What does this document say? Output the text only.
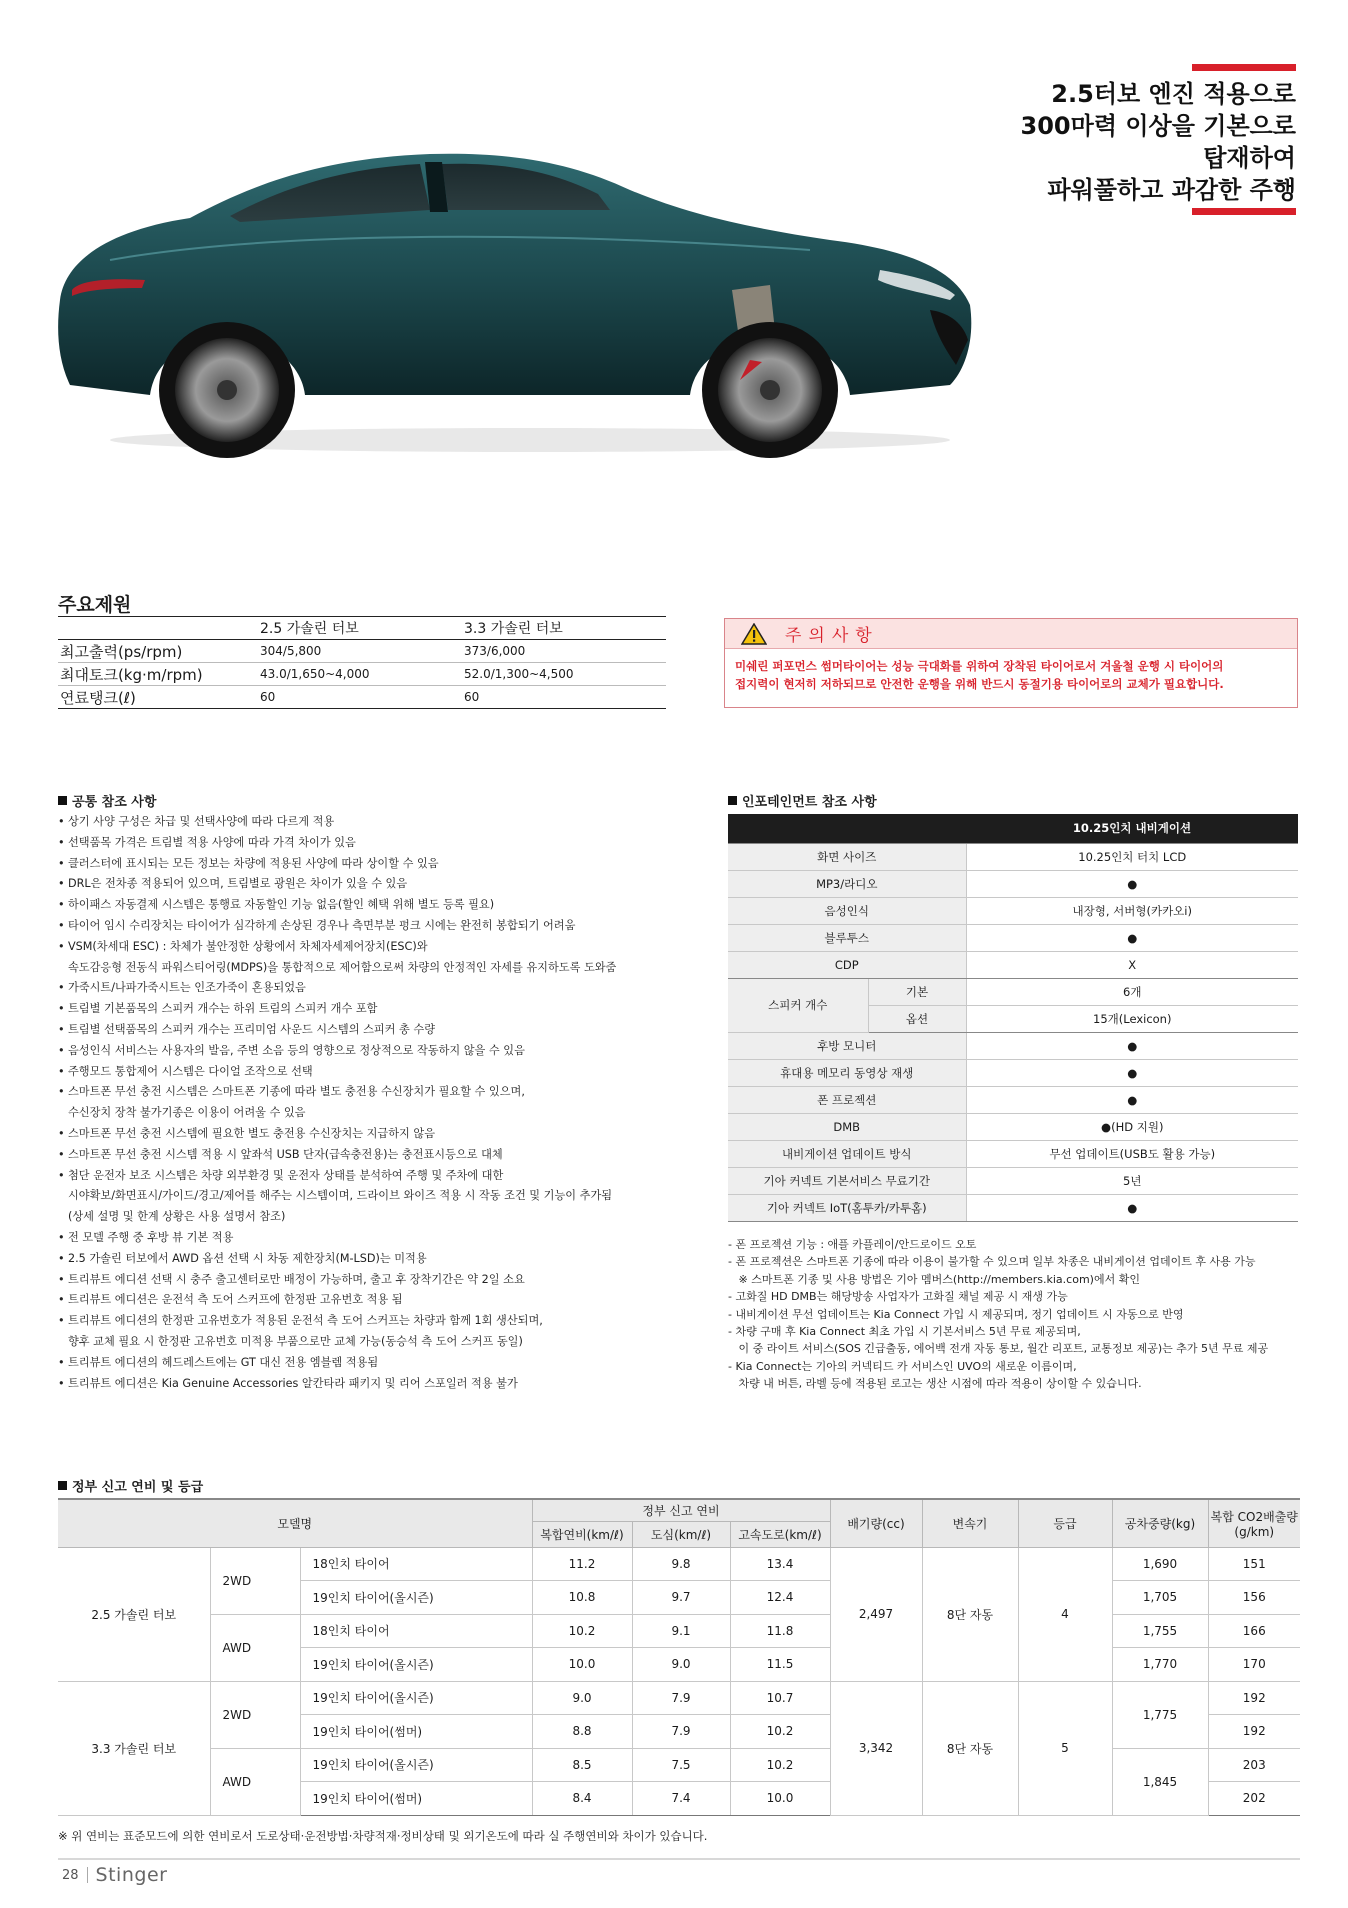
2.5터보 엔진 적용으로
300마력 이상을 기본으로
탑재하여
파워풀하고 과감한 주행
주요제원
	2.5 가솔린 터보	3.3 가솔린 터보
최고출력(ps/rpm)	304/5,800	373/6,000
최대토크(kg·m/rpm)	43.0/1,650~4,000	52.0/1,300~4,500
연료탱크(ℓ)	60	60
주의사항
미쉐린 퍼포먼스 썸머타이어는 성능 극대화를 위하여 장착된 타이어로서 겨울철 운행 시 타이어의
접지력이 현저히 저하되므로 안전한 운행을 위해 반드시 동절기용 타이어로의 교체가 필요합니다.
공통 참조 사항
• 상기 사양 구성은 차급 및 선택사양에 따라 다르게 적용
• 선택품목 가격은 트림별 적용 사양에 따라 가격 차이가 있음
• 클러스터에 표시되는 모든 정보는 차량에 적용된 사양에 따라 상이할 수 있음
• DRL은 전차종 적용되어 있으며, 트림별로 광원은 차이가 있을 수 있음
• 하이패스 자동결제 시스템은 통행료 자동할인 기능 없음(할인 혜택 위해 별도 등록 필요)
• 타이어 임시 수리장치는 타이어가 심각하게 손상된 경우나 측면부분 펑크 시에는 완전히 봉합되기 어려움
• VSM(차세대 ESC) : 차체가 불안정한 상황에서 차체자세제어장치(ESC)와
속도감응형 전동식 파워스티어링(MDPS)을 통합적으로 제어함으로써 차량의 안정적인 자세를 유지하도록 도와줌
• 가죽시트/나파가죽시트는 인조가죽이 혼용되었음
• 트림별 기본품목의 스피커 개수는 하위 트림의 스피커 개수 포함
• 트림별 선택품목의 스피커 개수는 프리미엄 사운드 시스템의 스피커 총 수량
• 음성인식 서비스는 사용자의 발음, 주변 소음 등의 영향으로 정상적으로 작동하지 않을 수 있음
• 주행모드 통합제어 시스템은 다이얼 조작으로 선택
• 스마트폰 무선 충전 시스템은 스마트폰 기종에 따라 별도 충전용 수신장치가 필요할 수 있으며,
수신장치 장착 불가기종은 이용이 어려울 수 있음
• 스마트폰 무선 충전 시스템에 필요한 별도 충전용 수신장치는 지급하지 않음
• 스마트폰 무선 충전 시스템 적용 시 앞좌석 USB 단자(급속충전용)는 충전표시등으로 대체
• 첨단 운전자 보조 시스템은 차량 외부환경 및 운전자 상태를 분석하여 주행 및 주차에 대한
시야확보/화면표시/가이드/경고/제어를 해주는 시스템이며, 드라이브 와이즈 적용 시 작동 조건 및 기능이 추가됨
(상세 설명 및 한계 상황은 사용 설명서 참조)
• 전 모델 주행 중 후방 뷰 기본 적용
• 2.5 가솔린 터보에서 AWD 옵션 선택 시 차동 제한장치(M-LSD)는 미적용
• 트리뷰트 에디션 선택 시 충주 출고센터로만 배정이 가능하며, 출고 후 장착기간은 약 2일 소요
• 트리뷰트 에디션은 운전석 측 도어 스커프에 한정판 고유번호 적용 됨
• 트리뷰트 에디션의 한정판 고유번호가 적용된 운전석 측 도어 스커프는 차량과 함께 1회 생산되며,
향후 교체 필요 시 한정판 고유번호 미적용 부품으로만 교체 가능(동승석 측 도어 스커프 동일)
• 트리뷰트 에디션의 헤드레스트에는 GT 대신 전용 엠블렘 적용됨
• 트리뷰트 에디션은 Kia Genuine Accessories 알칸타라 패키지 및 리어 스포일러 적용 불가
인포테인먼트 참조 사항
		10.25인치 내비게이션
화면 사이즈		10.25인치 터치 LCD
MP3/라디오		●
음성인식		내장형, 서버형(카카오i)
블루투스		●
CDP		X
스피커 개수	기본	6개
	옵션	15개(Lexicon)
후방 모니터		●
휴대용 메모리 동영상 재생		●
폰 프로젝션		●
DMB		●(HD 지원)
내비게이션 업데이트 방식		무선 업데이트(USB도 활용 가능)
기아 커넥트 기본서비스 무료기간		5년
기아 커넥트 IoT(홈투카/카투홈)		●
- 폰 프로젝션 기능 : 애플 카플레이/안드로이드 오토
- 폰 프로젝션은 스마트폰 기종에 따라 이용이 불가할 수 있으며 일부 차종은 내비게이션 업데이트 후 사용 가능
※ 스마트폰 기종 및 사용 방법은 기아 멤버스(http://members.kia.com)에서 확인
- 고화질 HD DMB는 해당방송 사업자가 고화질 채널 제공 시 재생 가능
- 내비게이션 무선 업데이트는 Kia Connect 가입 시 제공되며, 정기 업데이트 시 자동으로 반영
- 차량 구매 후 Kia Connect 최초 가입 시 기본서비스 5년 무료 제공되며,
이 중 라이트 서비스(SOS 긴급출동, 에어백 전개 자동 통보, 월간 리포트, 교통정보 제공)는 추가 5년 무료 제공
- Kia Connect는 기아의 커넥티드 카 서비스인 UVO의 새로운 이름이며,
차량 내 버튼, 라벨 등에 적용된 로고는 생산 시점에 따라 적용이 상이할 수 있습니다.
정부 신고 연비 및 등급
모델명			정부 신고 연비			배기량(cc)	변속기	등급	공차중량(kg)	복합 CO2배출량 (g/km)
			복합연비(km/ℓ)	도심(km/ℓ)	고속도로(km/ℓ)					
2.5 가솔린 터보	2WD	18인치 타이어	11.2	9.8	13.4	2,497	8단 자동	4	1,690	151
		19인치 타이어(올시즌)	10.8	9.7	12.4				1,705	156
	AWD	18인치 타이어	10.2	9.1	11.8				1,755	166
		19인치 타이어(올시즌)	10.0	9.0	11.5				1,770	170
3.3 가솔린 터보	2WD	19인치 타이어(올시즌)	9.0	7.9	10.7	3,342	8단 자동	5	1,775	192
		19인치 타이어(썸머)	8.8	7.9	10.2					192
	AWD	19인치 타이어(올시즌)	8.5	7.5	10.2				1,845	203
		19인치 타이어(썸머)	8.4	7.4	10.0					202
※ 위 연비는 표준모드에 의한 연비로서 도로상태·운전방법·차량적재·정비상태 및 외기온도에 따라 실 주행연비와 차이가 있습니다.
28 Stinger
